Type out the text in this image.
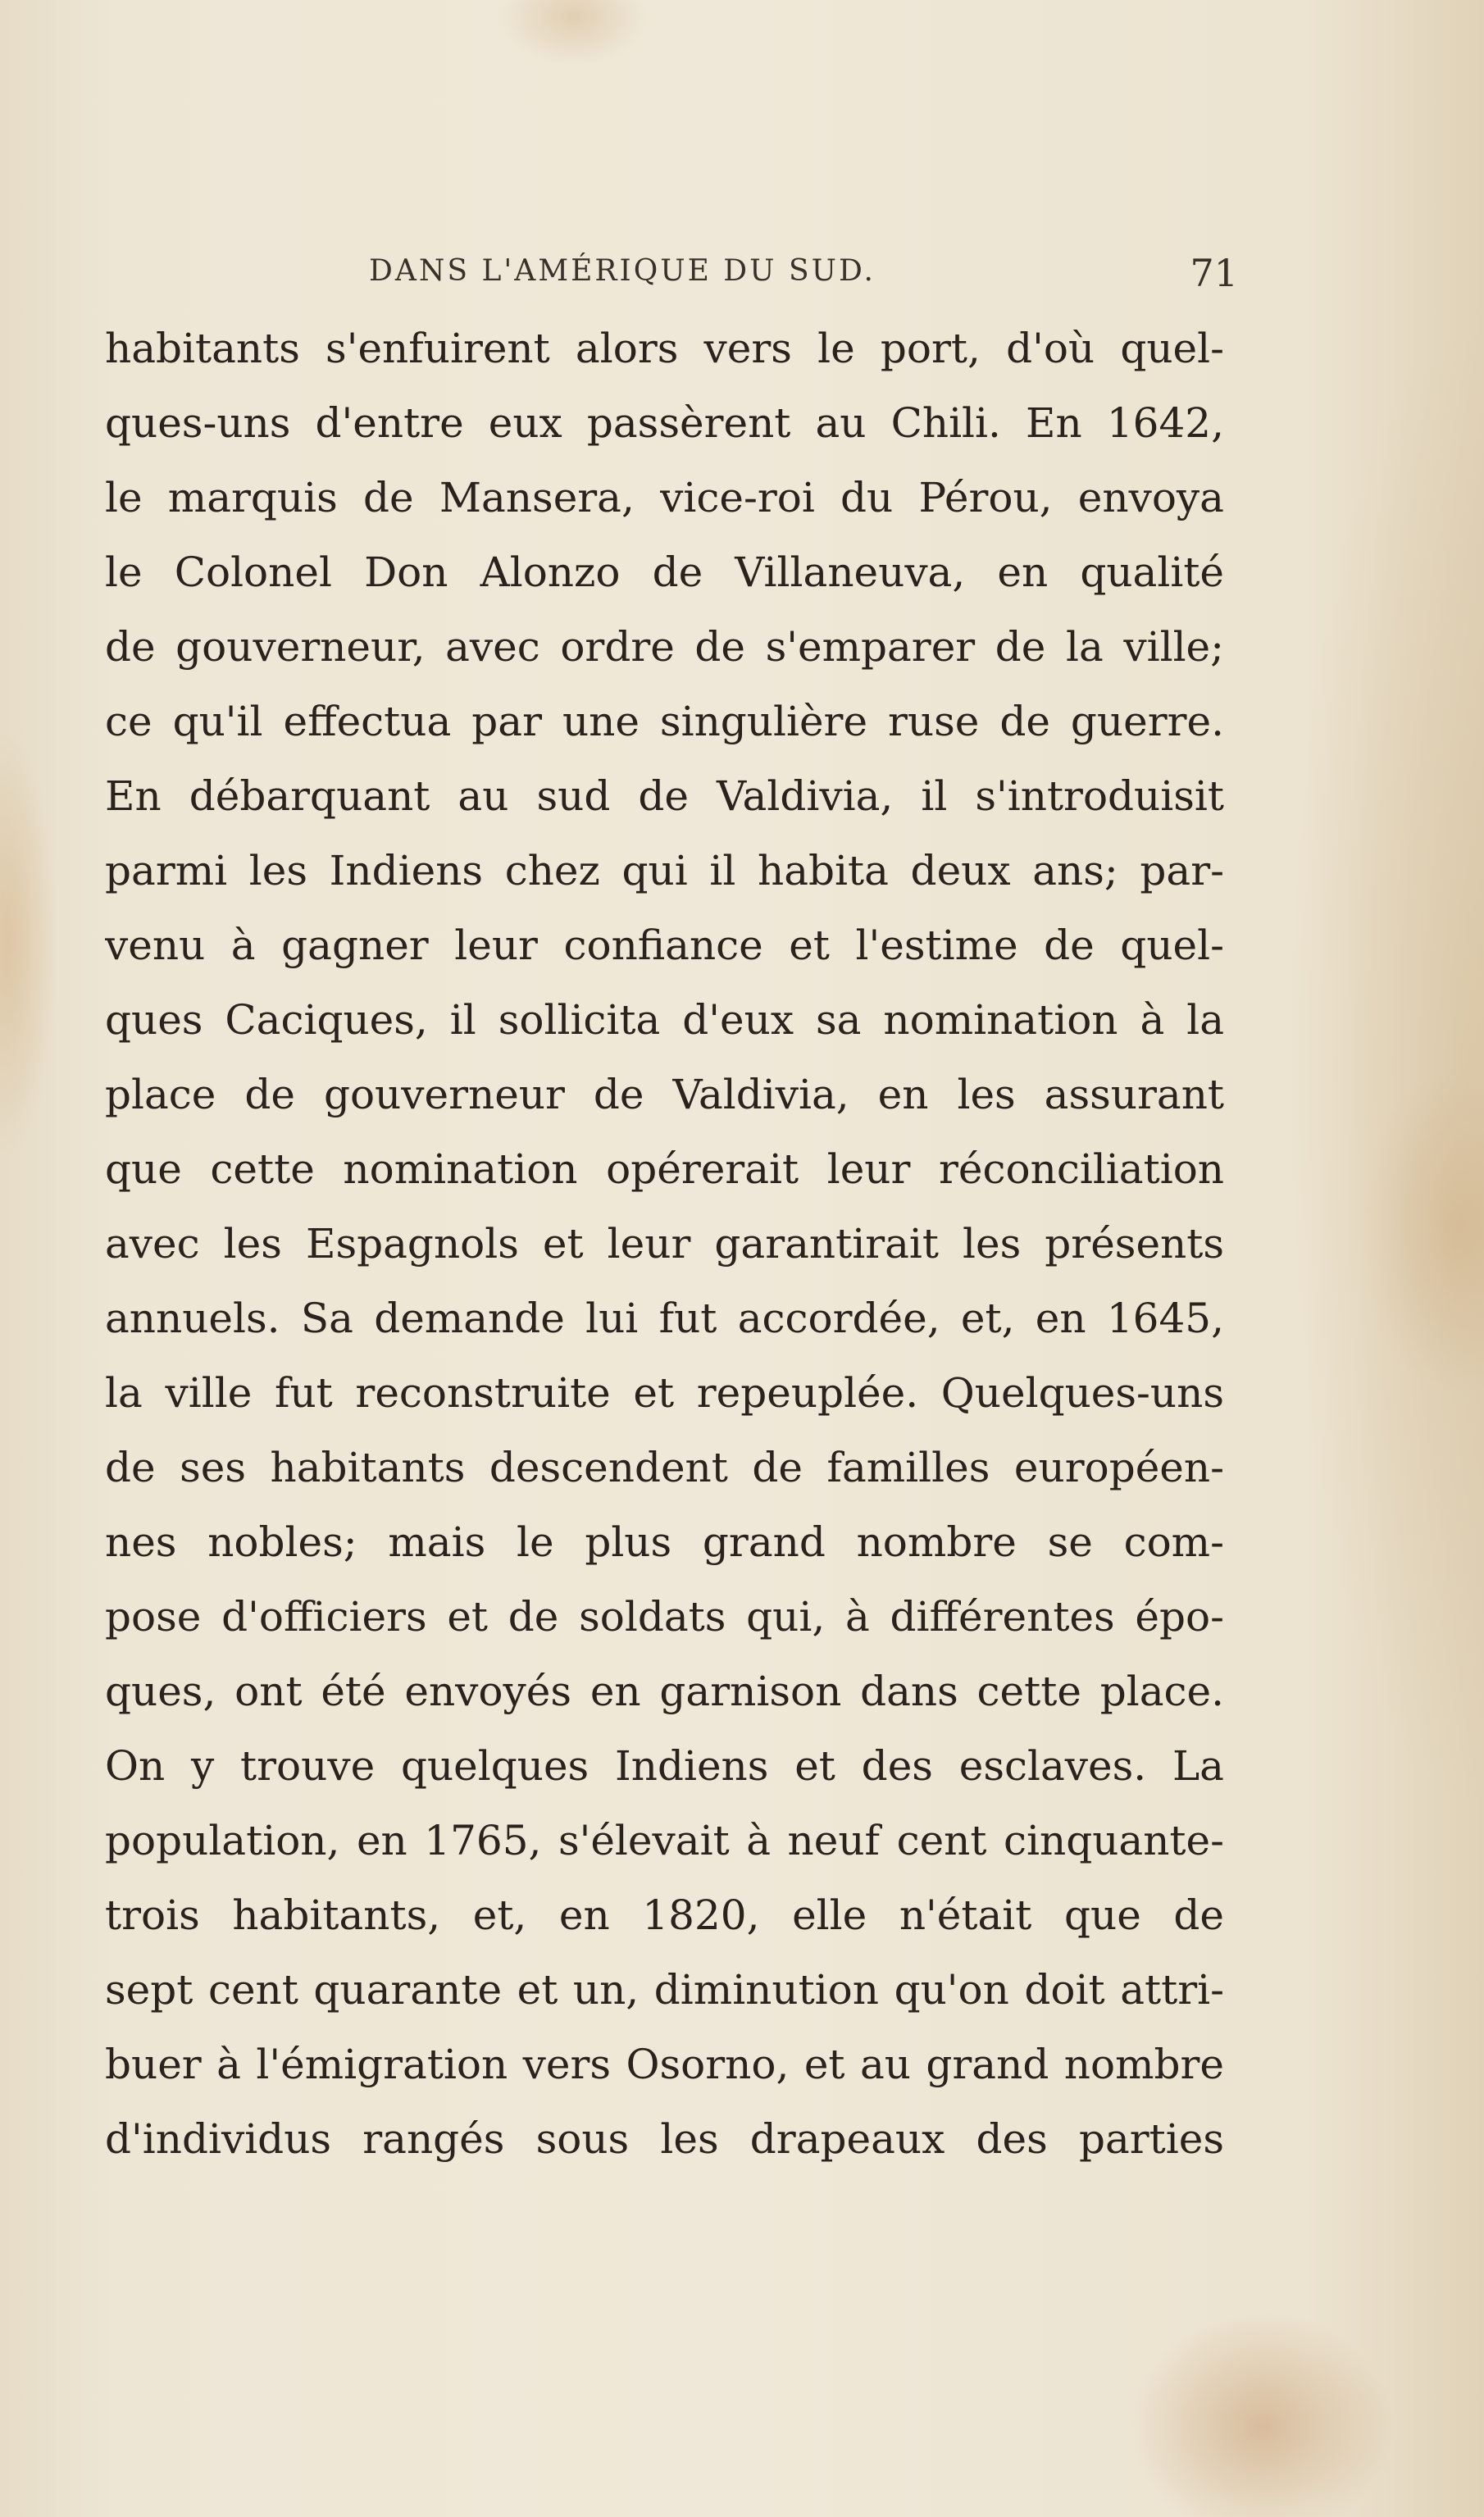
DANS L'AMÉRIQUE DU SUD.	71
habitants s'enfuirent alors vers le port, d'où quel-
ques-uns d'entre eux passèrent au Chili. En 1642,
le marquis de Mansera, vice-roi du Pérou, envoya
le Colonel Don Alonzo de Villaneuva, en qualité
de gouverneur, avec ordre de s'emparer de la ville;
ce qu'il effectua par une singulière ruse de guerre.
En débarquant au sud de Valdivia, il s'introduisit
parmi les Indiens chez qui il habita deux ans; par-
venu à gagner leur confiance et l'estime de quel-
ques Caciques, il sollicita d'eux sa nomination à la
place de gouverneur de Valdivia, en les assurant
que cette nomination opérerait leur réconciliation
avec les Espagnols et leur garantirait les présents
annuels. Sa demande lui fut accordée, et, en 1645,
la ville fut reconstruite et repeuplée. Quelques-uns
de ses habitants descendent de familles européen-
nes nobles; mais le plus grand nombre se com-
pose d'officiers et de soldats qui, à différentes épo-
ques, ont été envoyés en garnison dans cette place.
On y trouve quelques Indiens et des esclaves. La
population, en 1765, s'élevait à neuf cent cinquante-
trois habitants, et, en 1820, elle n'était que de
sept cent quarante et un, diminution qu'on doit attri-
buer à l'émigration vers Osorno, et au grand nombre
d'individus rangés sous les drapeaux des parties
